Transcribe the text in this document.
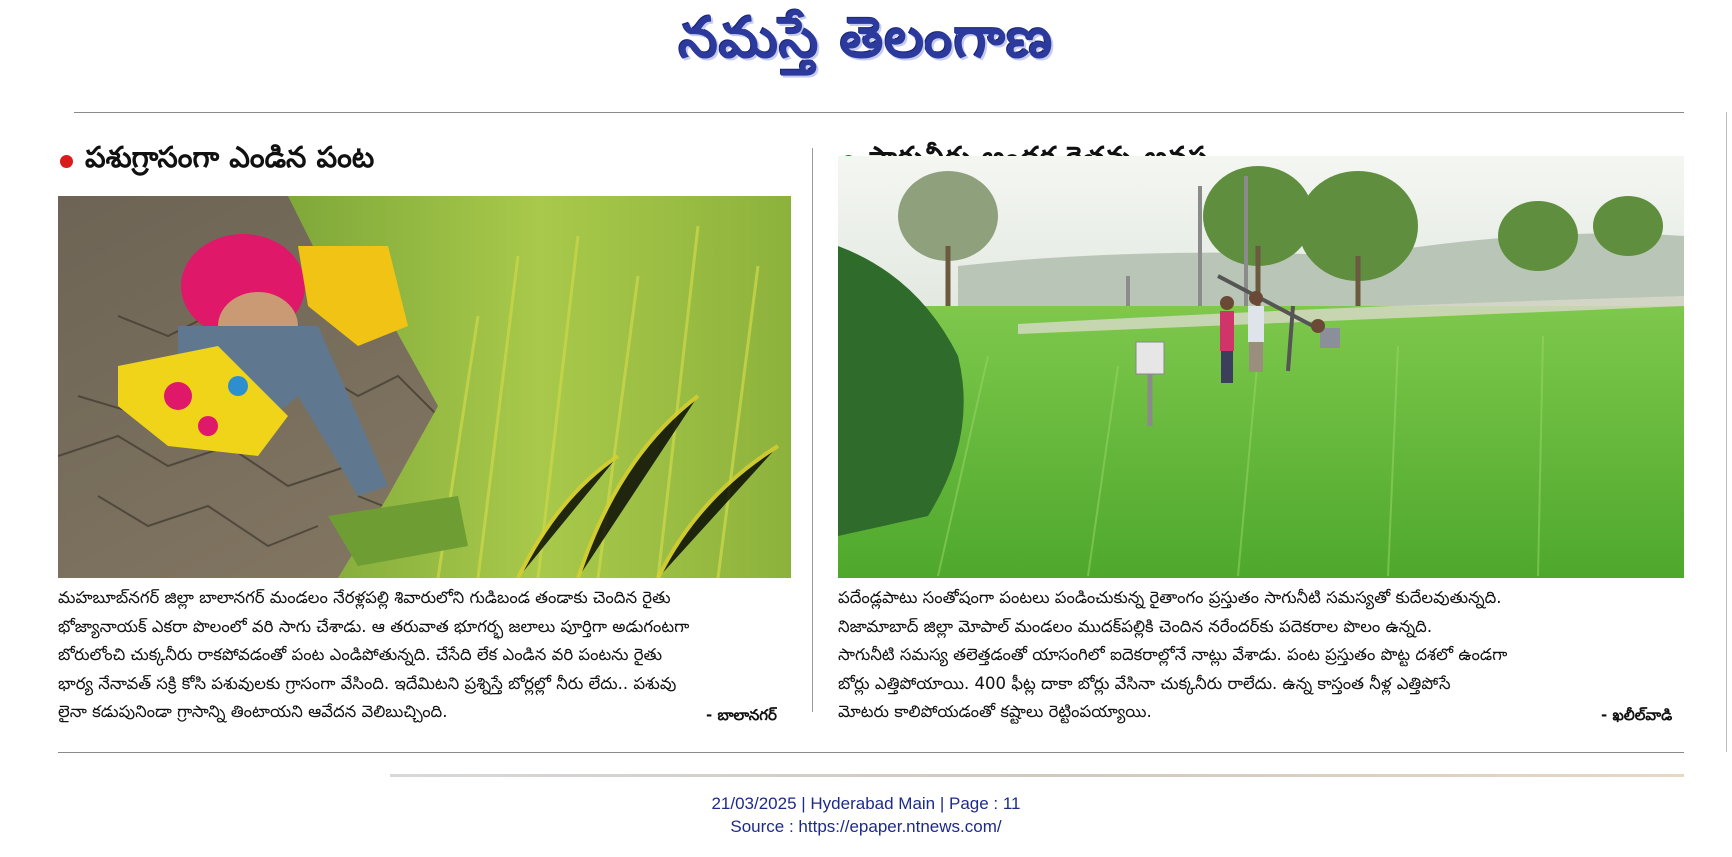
నమస్తే తెలంగాణ
పశుగ్రాసంగా ఎండిన పంట
మహబూబ్‌నగర్ జిల్లా బాలానగర్ మండలం నేరళ్లపల్లి శివారులోని గుడిబండ తండాకు చెందిన రైతు
భోజ్యానాయక్ ఎకరా పొలంలో వరి సాగు చేశాడు. ఆ తరువాత భూగర్భ జలాలు పూర్తిగా అడుగంటగా
బోరులోంచి చుక్కనీరు రాకపోవడంతో పంట ఎండిపోతున్నది. చేసేది లేక ఎండిన వరి పంటను రైతు
భార్య నేనావత్ సక్రి కోసి పశువులకు గ్రాసంగా వేసింది. ఇదేమిటని ప్రశ్నిస్తే బోర్లల్లో నీరు లేదు.. పశువు
లైనా కడుపునిండా గ్రాసాన్ని తింటాయని ఆవేదన వెలిబుచ్చింది.	- బాలానగర్
పదేండ్లపాటు సంతోషంగా పంటలు పండించుకున్న రైతాంగం ప్రస్తుతం సాగునీటి సమస్యతో కుదేలవుతున్నది.
నిజామాబాద్ జిల్లా మోపాల్ మండలం ముదక్‌పల్లికి చెందిన నరేందర్‌కు పదెకరాల పొలం ఉన్నది.
సాగునీటి సమస్య తలెత్తడంతో యాసంగిలో ఐదెకరాల్లోనే నాట్లు వేశాడు. పంట ప్రస్తుతం పొట్ట దశలో ఉండగా
బోర్లు ఎత్తిపోయాయి. 400 ఫీట్ల దాకా బోర్లు వేసినా చుక్కనీరు రాలేదు. ఉన్న కాస్తంత నీళ్ల ఎత్తిపోసే
మోటరు కాలిపోయడంతో కష్టాలు రెట్టింపయ్యాయి.	- ఖలీల్‌వాడి
21/03/2025 | Hyderabad Main | Page : 11
Source : https://epaper.ntnews.com/
